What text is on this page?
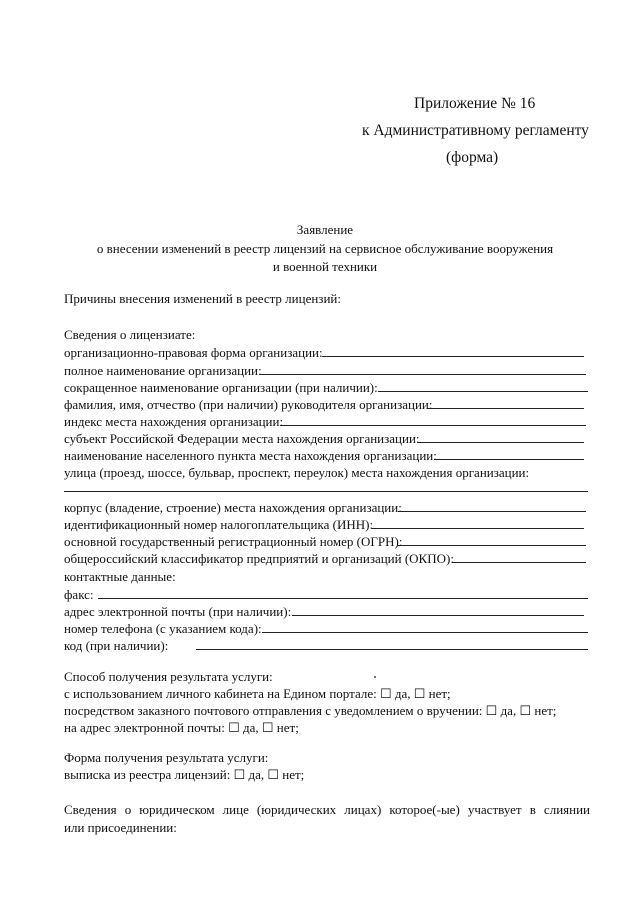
Приложение № 16
к Административному регламенту
(форма)
Заявление
о внесении изменений в реестр лицензий на сервисное обслуживание вооружения
и военной техники
Причины внесения изменений в реестр лицензий:
Сведения о лицензиате:
организационно-правовая форма организации:
полное наименование организации:
сокращенное наименование организации (при наличии):
фамилия, имя, отчество (при наличии) руководителя организации:
индекс места нахождения организации:
субъект Российской Федерации места нахождения организации:
наименование населенного пункта места нахождения организации:
улица (проезд, шоссе, бульвар, проспект, переулок) места нахождения организации:
корпус (владение, строение) места нахождения организации:
идентификационный номер налогоплательщика (ИНН):
основной государственный регистрационный номер (ОГРН):
общероссийский классификатор предприятий и организаций (ОКПО):
контактные данные:
факс:
адрес электронной почты (при наличии):
номер телефона (с указанием кода):
код (при наличии):
Способ получения результата услуги:
с использованием личного кабинета на Едином портале: ☐ да, ☐ нет;
посредством заказного почтового отправления с уведомлением о вручении: ☐ да, ☐ нет;
на адрес электронной почты: ☐ да, ☐ нет;
Форма получения результата услуги:
выписка из реестра лицензий: ☐ да, ☐ нет;
Сведения о юридическом лице (юридических лицах) которое(-ые) участвует в слиянии
или присоединении:
